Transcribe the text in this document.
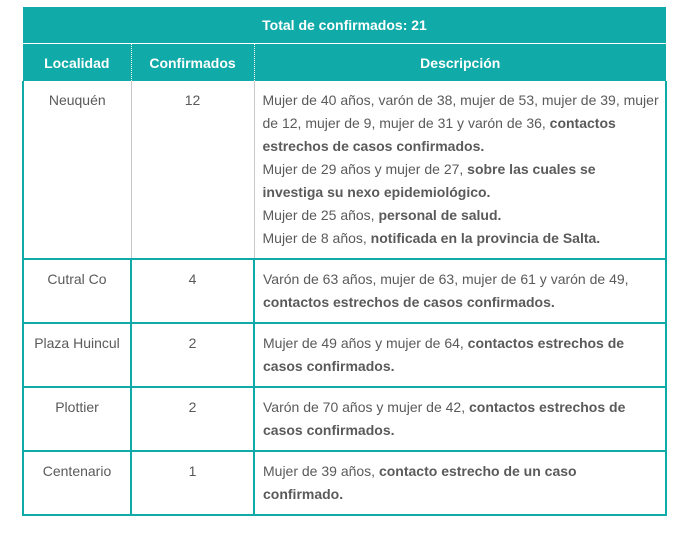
Total de confirmados: 21		
Localidad	Confirmados	Descripción
Neuquén	12	Mujer de 40 años, varón de 38, mujer de 53, mujer de 39, mujer de 12, mujer de 9, mujer de 31 y varón de 36, contactos estrechos de casos confirmados.
Mujer de 29 años y mujer de 27, sobre las cuales se investiga su nexo epidemiológico.
Mujer de 25 años, personal de salud.
Mujer de 8 años, notificada en la provincia de Salta.

Cutral Co	4	Varón de 63 años, mujer de 63, mujer de 61 y varón de 49, contactos estrechos de casos confirmados.

Plaza Huincul	2	Mujer de 49 años y mujer de 64, contactos estrechos de casos confirmados.

Plottier	2	Varón de 70 años y mujer de 42, contactos estrechos de casos confirmados.

Centenario	1	Mujer de 39 años, contacto estrecho de un caso confirmado.
